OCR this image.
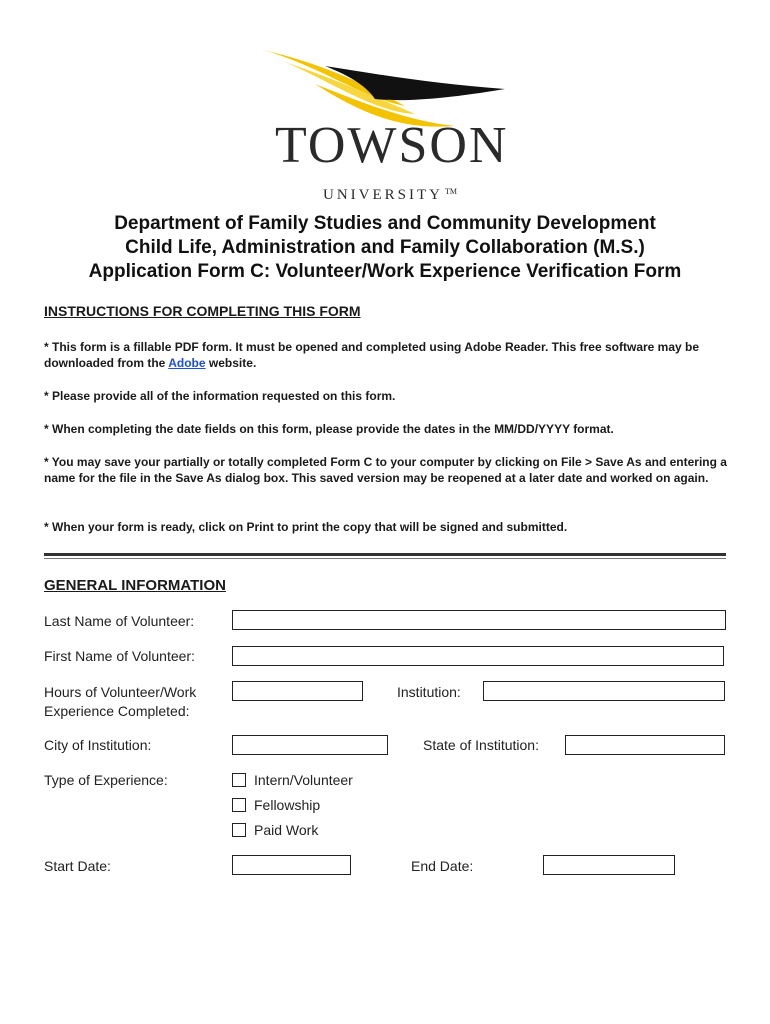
TOWSON
UNIVERSITY ™
Department of Family Studies and Community Development
Child Life, Administration and Family Collaboration (M.S.)
Application Form C: Volunteer/Work Experience Verification Form
INSTRUCTIONS FOR COMPLETING THIS FORM
* This form is a fillable PDF form. It must be opened and completed using Adobe Reader. This free software may be downloaded from the Adobe website.
* Please provide all of the information requested on this form.
* When completing the date fields on this form, please provide the dates in the MM/DD/YYYY format.
* You may save your partially or totally completed Form C to your computer by clicking on File > Save As and entering a name for the file in the Save As dialog box. This saved version may be reopened at a later date and worked on again.
* When your form is ready, click on Print to print the copy that will be signed and submitted.
GENERAL INFORMATION
Last Name of Volunteer:
First Name of Volunteer:
Hours of Volunteer/Work
Experience Completed:
Institution:
City of Institution:	State of Institution:
Type of Experience:	Intern/Volunteer
Fellowship
Paid Work
Start Date:	End Date:
